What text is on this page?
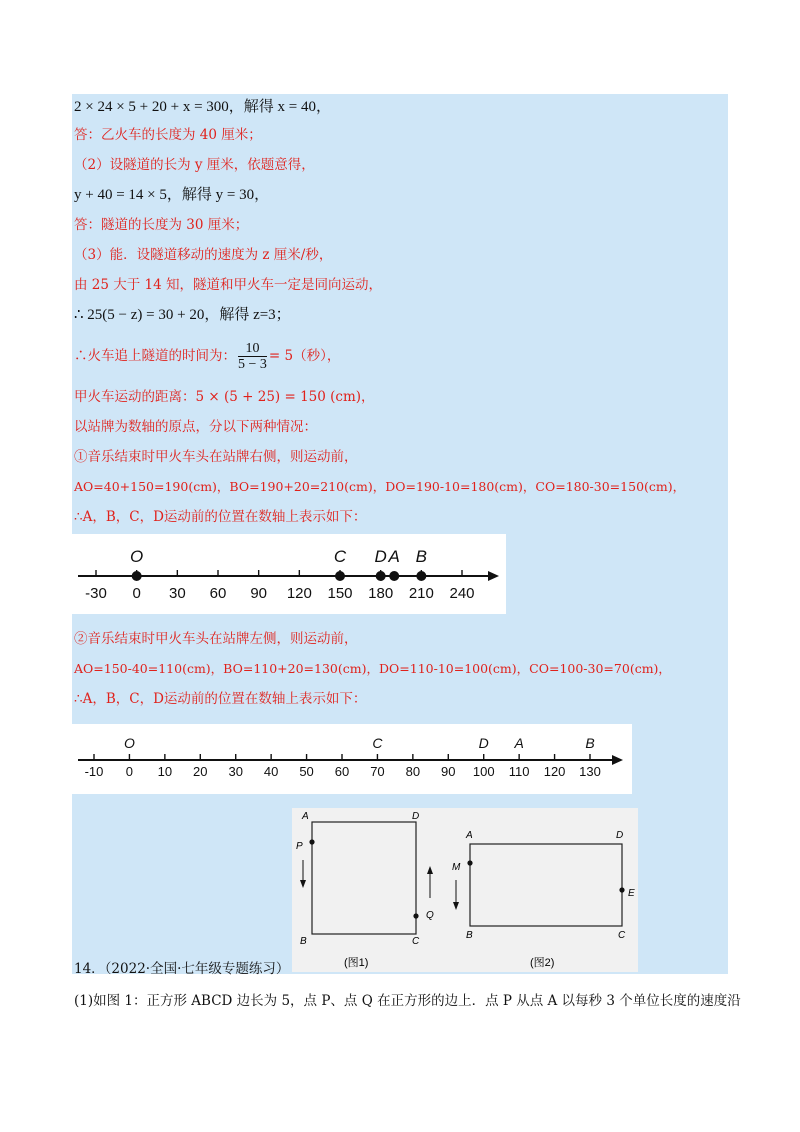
2 × 24 × 5 + 20 + x = 300，解得 x = 40，
答：乙火车的长度为 40 厘米；
（2）设隧道的长为 y 厘米，依题意得，
y + 40 = 14 × 5，解得 y = 30，
答：隧道的长度为 30 厘米；
（3）能．设隧道移动的速度为 z 厘米/秒，
由 25 大于 14 知，隧道和甲火车一定是同向运动，
∴ 25(5 − z) = 30 + 20，解得 z=3；
∴火车追上隧道的时间为： $\frac{10}{5 - 3} = 5$（秒），
甲火车运动的距离：5 × (5 + 25) = 150 (cm)，
以站牌为数轴的原点，分以下两种情况：
①音乐结束时甲火车头在站牌右侧，则运动前，
AO=40+150=190(cm)，BO=190+20=210(cm)，DO=190-10=180(cm)，CO=180-30=150(cm)，
∴A，B，C，D运动前的位置在数轴上表示如下：
-30 0 30 60 90 120 150 180 210 240
O	C D A B
②音乐结束时甲火车头在站牌左侧，则运动前，
AO=150-40=110(cm)，BO=110+20=130(cm)，DO=110-10=100(cm)，CO=100-30=70(cm)，
∴A，B，C，D运动前的位置在数轴上表示如下：
-10 0 10 20 30 40 50 60 70 80 90 100 110 120 130
O	C	D A	B
A	D
B	C
P
Q
(图1)
A	D
B	C
M
E
(图2)
14．（2022·全国·七年级专题练习）
(1)如图 1：正方形 ABCD 边长为 5，点 P、点 Q 在正方形的边上．点 P 从点 A 以每秒 3 个单位长度的速度沿
